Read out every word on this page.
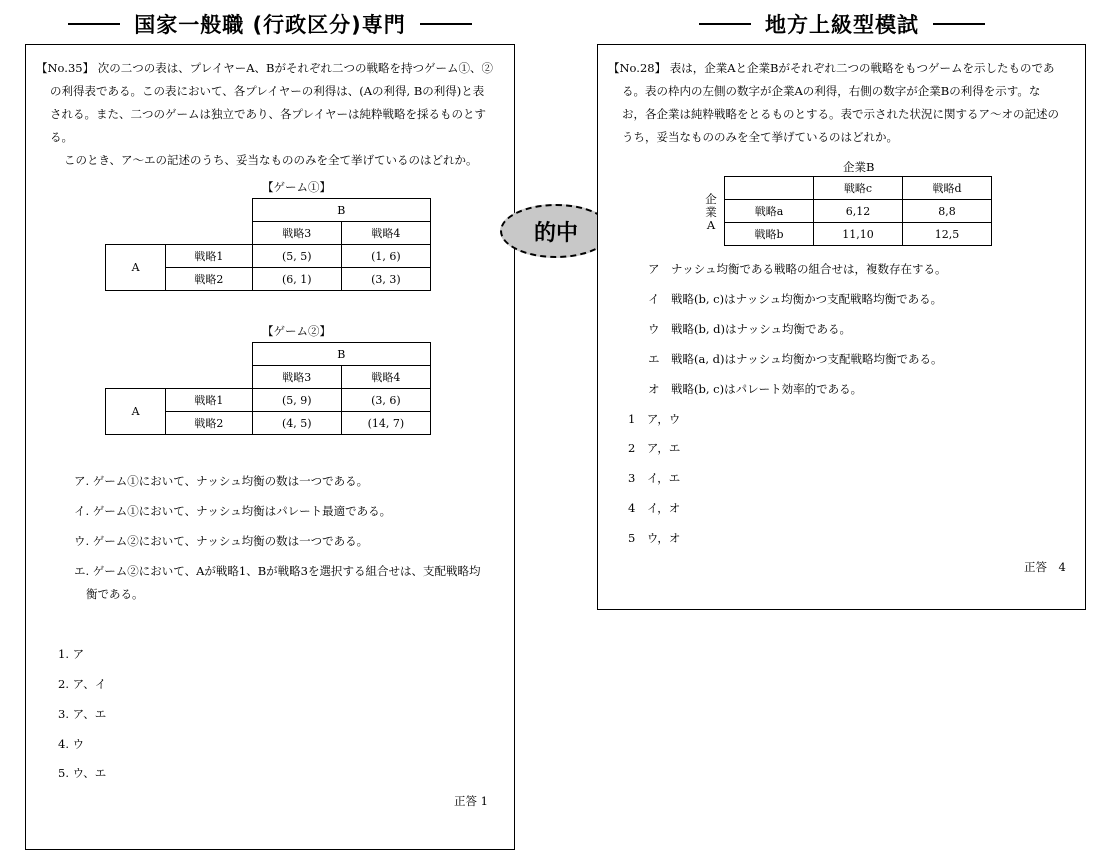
国家一般職 (行政区分)専門	地方上級型模試
【No.35】 次の二つの表は、プレイヤーA、Bがそれぞれ二つの戦略を持つゲーム①、②
の利得表である。この表において、各プレイヤーの利得は、(Aの利得, Bの利得)と表
される。また、二つのゲームは独立であり、各プレイヤーは純粋戦略を採るものとす
る。
このとき、ア～エの記述のうち、妥当なもののみを全て挙げているのはどれか。
【ゲーム①】
		B	
		戦略3	戦略4
A	戦略1	(5, 5)	(1, 6)
	戦略2	(6, 1)	(3, 3)
【ゲーム②】
		B	
		戦略3	戦略4
A	戦略1	(5, 9)	(3, 6)
	戦略2	(4, 5)	(14, 7)
ア. ゲーム①において、ナッシュ均衡の数は一つである。
イ. ゲーム①において、ナッシュ均衡はパレート最適である。
ウ. ゲーム②において、ナッシュ均衡の数は一つである。
エ. ゲーム②において、Aが戦略1、Bが戦略3を選択する組合せは、支配戦略均
衡である。
1. ア
2. ア、イ
3. ア、エ
4. ウ
5. ウ、エ
正答 1
的中
【No.28】 表は，企業Aと企業Bがそれぞれ二つの戦略をもつゲームを示したものであ
る。表の枠内の左側の数字が企業Aの利得，右側の数字が企業Bの利得を示す。な
お，各企業は純粋戦略をとるものとする。表で示された状況に関するア～オの記述の
うち，妥当なもののみを全て挙げているのはどれか。
企業B
企業A
	戦略c	戦略d
戦略a	6,12	8,8
戦略b	11,10	12,5
ア　ナッシュ均衡である戦略の組合せは，複数存在する。
イ　戦略(b, c)はナッシュ均衡かつ支配戦略均衡である。
ウ　戦略(b, d)はナッシュ均衡である。
エ　戦略(a, d)はナッシュ均衡かつ支配戦略均衡である。
オ　戦略(b, c)はパレート効率的である。
1　ア，ウ
2　ア，エ
3　イ，エ
4　イ，オ
5　ウ，オ
正答　4
